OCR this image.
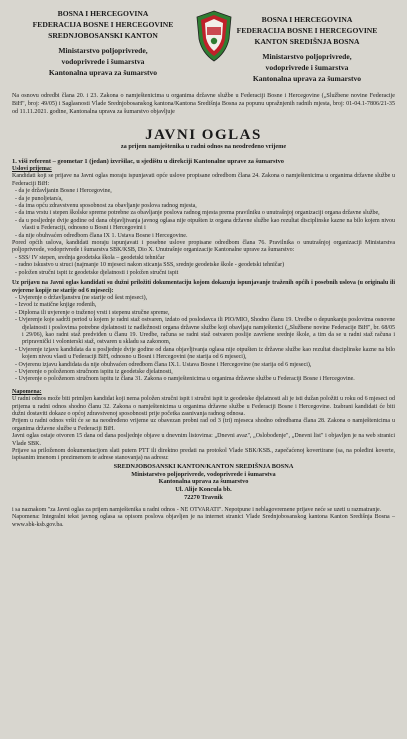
BOSNA I HERCEGOVINA
FEDERACIJA BOSNE I HERCEGOVINE
SREDNJOBOSANSKI KANTON
Ministarstvo poljoprivrede,
vodoprivrede i šumarstva
Kantonalna uprava za šumarstvo
BOSNA I HERCEGOVINA
FEDERACIJA BOSNE I HERCEGOVINE
KANTON SREDIŠNJA BOSNA
Ministarstvo poljoprivrede,
vodoprivrede i šumarstva
Kantonalna uprava za šumarstvo
Na osnovu odredbi člana 20. i 23. Zakona o namještenicima u organima državne službe u Federaciji Bosne i Hercegovine („Službene novine Federacije BiH", broj: 49/05) i Saglasnosti Vlade Srednjobosanskog kantona/Kantona Središnja Bosna za popunu upražnjenih radnih mjesta, broj: 01-04.1-7806/21-35 od 11.11.2021. godine, Kantonalna uprava za šumarstvo objavljuje
JAVNI OGLAS
za prijem namještenika u radni odnos na neodređeno vrijeme
1. viši referent – geometar 1 (jedan) izvršilac, u sjedištu u direkciji Kantonalne uprave za šumarstvo

Uslovi prijema:

Kandidati koji se prijave na Javni oglas moraju ispunjavati opće uslove propisane odredbom člana 24. Zakona o namještenicima u organima državne službe u Federaciji BiH:

- da je državljanin Bosne i Hercegovine,

- da je punoljetan/a,

- da ima opću zdravstvenu sposobnost za obavljanje poslova radnog mjesta,

- da ima vrstu i stepen školske spreme potrebne za obavljanje poslova radnog mjesta prema pravilniku o unutrašnjoj organizaciji organa državne službe,

- da u posljednje dvije godine od dana objavljivanja javnog oglasa nije otpušten iz organa državne službe kao rezultat disciplinske kazne na bilo kojem nivou vlasti u Federaciji, odnosno u Bosni i Hercegovini i

- da nije obuhvaćen odredbom člana IX 1. Ustava Bosne i Hercegovine.

Pored općih uslova, kandidati moraju ispunjavati i posebne uslove propisane odredbom člana 76. Pravilnika o unutrašnjoj organizaciji Ministarstva poljoprivrede, vodoprivrede i šumarstva SBK/KSB, Dio X. Unutrašnje organizacije Kantonalne uprave za šumarstvo:

- SSS/ IV stepen, srednja geodetska škola – geodetski tehničar

- radno iskustvo u struci (najmanje 10 mjeseci nakon sticanja SSS, srednje geodetske škole - geodetski tehničar)

- položen stručni ispit iz geodetske djelatnosti i položen stručni ispit

Uz prijavu na Javni oglas kandidati su dužni priložiti dokumentaciju kojom dokazuju ispunjavanje traženih općih i posebnih uslova (u originalu ili ovjerene kopije ne starije od 6 mjeseci):

- Uvjerenje o državljanstvu (ne starije od šest mjeseci),

- Izvod iz matične knjige rođenih,

- Diploma ili uvjerenje o traženoj vrsti i stepenu stručne spreme,

- Uvjerenje koje sadrži period u kojem je radni staž ostvaren, izdato od poslodavca ili PIO/MIO, Shodno članu 19. Uredbe o depunkanju poslovima osnovne djelatnosti i poslovima potrebne djelatnosti iz nadležnosti organa državne službe koji obavljaju namještenici („Službene novine Federacije BiH", br. 68/05 i 29/06), kao radni staž predviđen u članu 19. Uredbe, računa se radni staž ostvaren poslije završene srednje škole, a tim da se u radni staž računa i pripravnički i volonterski staž, ostvaren u skladu sa zakonom,

- Uvjerenje izjavu kandidata da u posljednje dvije godine od dana objavljivanja oglasa nije otpušten iz državne službe kao rezultat disciplinske kazne na bilo kojem nivou vlasti u Federaciji BiH, odnosno u Bosni i Hercegovini (ne starija od 6 mjeseci),

- Ovjerenu izjavu kandidata da nije obuhvaćen odredbom člana IX.1. Ustava Bosne i Hercegovine (ne starija od 6 mjeseci),

- Uvjerenje o položenom stručnom ispitu iz geodetske djelatnosti,

- Uvjerenje o položenom stručnom ispitu iz člana 31. Zakona o namještenicima u organima državne službe u Federaciji Bosne i Hercegovine.

Napomena:

U radni odnos može biti primljen kandidat koji nema položen stručni ispit i stručni ispit iz geodetske djelatnosti ali je isti dužan položiti u roku od 6 mjeseci od prijema u radni odnos shodno članu 32. Zakona o namještenicima u organima državne službe u Federaciji Bosne i Hercegovine. Izabrani kandidati će biti dužni dostaviti dokaze o općoj zdravstvenoj sposobnosti prije početka zasnivanja radnog odnosa.

Prijem u radni odnos vršit će se na neodređeno vrijeme uz obavezan probni rad od 3 (tri) mjeseca shodno odredbama člana 28. Zakona o namještenicima u organima državne službe u Federaciji BiH.

Javni oglas ostaje otvoren 15 dana od dana posljednje objave u dnevnim listovima: „Dnevni avaz", „Oslobođenje", „Dnevni list" i objavljen je na web stranici Vlade SBK.

Prijave sa priloženom dokumentacijom slati putem PTT ili direktno predati na protokol Vlade SBK/KSB., zapečaćenoj kovertirane (sa, na poleđini koverte, ispisanim imenom i prezimenom te adrese stanovanja) na adresu:

SREDNJOBOSANSKI KANTON/KANTON SREDIŠNJA BOSNA
Ministarstvo poljoprivrede, vodoprivrede i šumarstva
Kantonalna uprava za šumarstvo
Ul. Alije Koncula bb.
72270 Travnik

i sa naznakom "za Javni oglas za prijem namještenika u radni odnos - NE OTVARATI". Nepotpune i neblagovremene prijave neće se uzeti u razmatranje.

Napomena: Integralni tekst javnog oglasa sa opisom poslova objavljen je na internet stranici Vlade Srednjobosanskog kantona Kanton Središnja Bosna – www.sbk-ksb.gov.ba.
